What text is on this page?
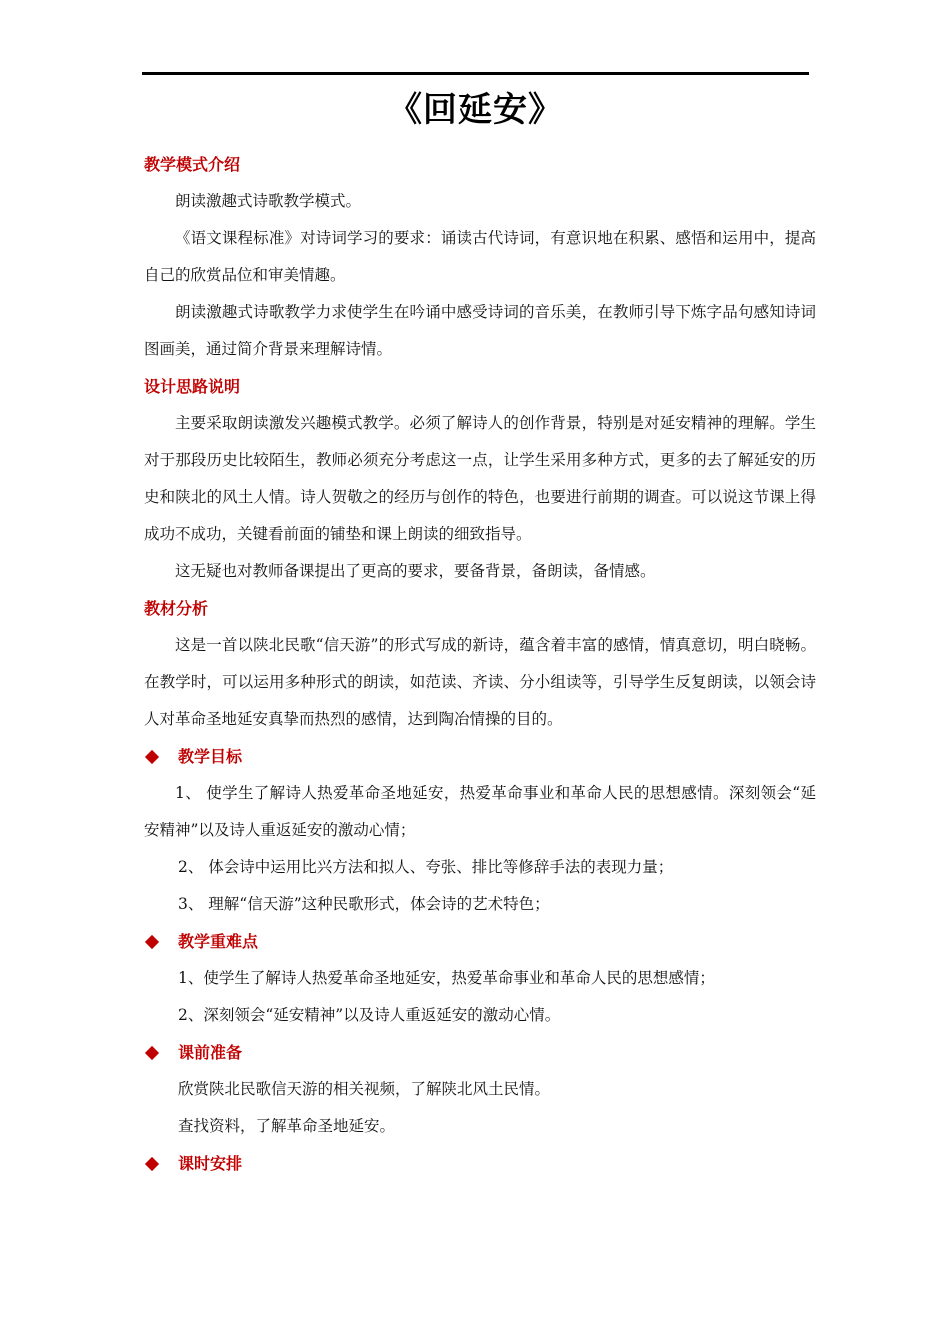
《回延安》
教学模式介绍
朗读激趣式诗歌教学模式。
《语文课程标准》对诗词学习的要求：诵读古代诗词，有意识地在积累、感悟和运用中，提高自己的欣赏品位和审美情趣。
朗读激趣式诗歌教学力求使学生在吟诵中感受诗词的音乐美，在教师引导下炼字品句感知诗词图画美，通过简介背景来理解诗情。
设计思路说明
主要采取朗读激发兴趣模式教学。必须了解诗人的创作背景，特别是对延安精神的理解。学生对于那段历史比较陌生，教师必须充分考虑这一点，让学生采用多种方式，更多的去了解延安的历史和陕北的风土人情。诗人贺敬之的经历与创作的特色，也要进行前期的调查。可以说这节课上得成功不成功，关键看前面的铺垫和课上朗读的细致指导。
这无疑也对教师备课提出了更高的要求，要备背景，备朗读，备情感。
教材分析
这是一首以陕北民歌“信天游”的形式写成的新诗，蕴含着丰富的感情，情真意切，明白晓畅。在教学时，可以运用多种形式的朗读，如范读、齐读、分小组读等，引导学生反复朗读，以领会诗人对革命圣地延安真挚而热烈的感情，达到陶冶情操的目的。
教学目标
1、 使学生了解诗人热爱革命圣地延安，热爱革命事业和革命人民的思想感情。深刻领会“延安精神”以及诗人重返延安的激动心情；
2、 体会诗中运用比兴方法和拟人、夸张、排比等修辞手法的表现力量；
3、 理解“信天游”这种民歌形式，体会诗的艺术特色；
教学重难点
1、使学生了解诗人热爱革命圣地延安，热爱革命事业和革命人民的思想感情；
2、深刻领会“延安精神”以及诗人重返延安的激动心情。
课前准备
欣赏陕北民歌信天游的相关视频，了解陕北风土民情。
查找资料，了解革命圣地延安。
课时安排
